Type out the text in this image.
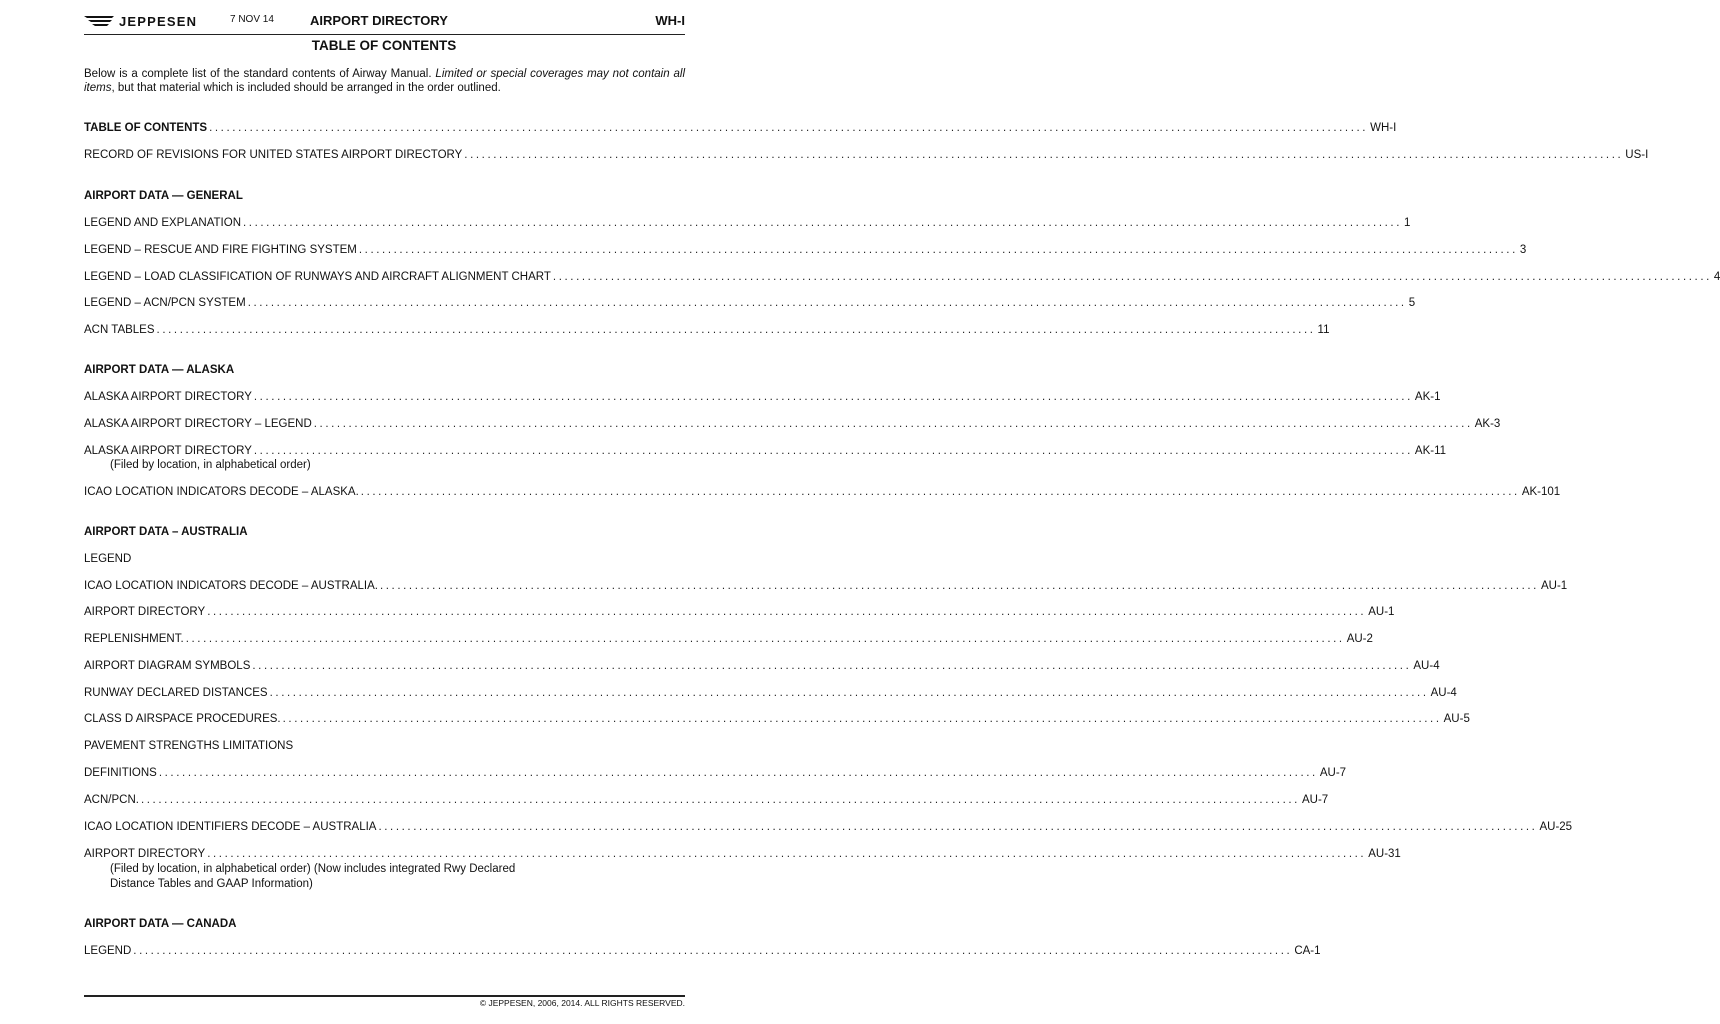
JEPPESEN	7 NOV 14	AIRPORT DIRECTORY	WH-I
TABLE OF CONTENTS
Below is a complete list of the standard contents of Airway Manual. Limited or special coverages may not contain all items, but that material which is included should be arranged in the order outlined.
TABLE OF CONTENTS ........................................................................................................................................................................................................ WH-I
RECORD OF REVISIONS FOR UNITED STATES AIRPORT DIRECTORY ........................................................................................................................................................................................................ US-I
AIRPORT DATA — GENERAL
LEGEND AND EXPLANATION ........................................................................................................................................................................................................ 1
LEGEND – RESCUE AND FIRE FIGHTING SYSTEM ........................................................................................................................................................................................................ 3
LEGEND – LOAD CLASSIFICATION OF RUNWAYS AND AIRCRAFT ALIGNMENT CHART ........................................................................................................................................................................................................ 4
LEGEND – ACN/PCN SYSTEM ........................................................................................................................................................................................................ 5
ACN TABLES ........................................................................................................................................................................................................ 11
AIRPORT DATA — ALASKA
ALASKA AIRPORT DIRECTORY ........................................................................................................................................................................................................ AK-1
ALASKA AIRPORT DIRECTORY – LEGEND ........................................................................................................................................................................................................ AK-3
ALASKA AIRPORT DIRECTORY ........................................................................................................................................................................................................ AK-11
(Filed by location, in alphabetical order)
ICAO LOCATION INDICATORS DECODE – ALASKA. ........................................................................................................................................................................................................ AK-101
AIRPORT DATA – AUSTRALIA
LEGEND
ICAO LOCATION INDICATORS DECODE – AUSTRALIA. ........................................................................................................................................................................................................ AU-1
AIRPORT DIRECTORY ........................................................................................................................................................................................................ AU-1
REPLENISHMENT. ........................................................................................................................................................................................................ AU-2
AIRPORT DIAGRAM SYMBOLS ........................................................................................................................................................................................................ AU-4
RUNWAY DECLARED DISTANCES ........................................................................................................................................................................................................ AU-4
CLASS D AIRSPACE PROCEDURES. ........................................................................................................................................................................................................ AU-5
PAVEMENT STRENGTHS LIMITATIONS
DEFINITIONS ........................................................................................................................................................................................................ AU-7
ACN/PCN. ........................................................................................................................................................................................................ AU-7
ICAO LOCATION IDENTIFIERS DECODE – AUSTRALIA ........................................................................................................................................................................................................ AU-25
AIRPORT DIRECTORY ........................................................................................................................................................................................................ AU-31
(Filed by location, in alphabetical order) (Now includes integrated Rwy Declared
Distance Tables and GAAP Information)
AIRPORT DATA — CANADA
LEGEND ........................................................................................................................................................................................................ CA-1
© JEPPESEN, 2006, 2014. ALL RIGHTS RESERVED.
